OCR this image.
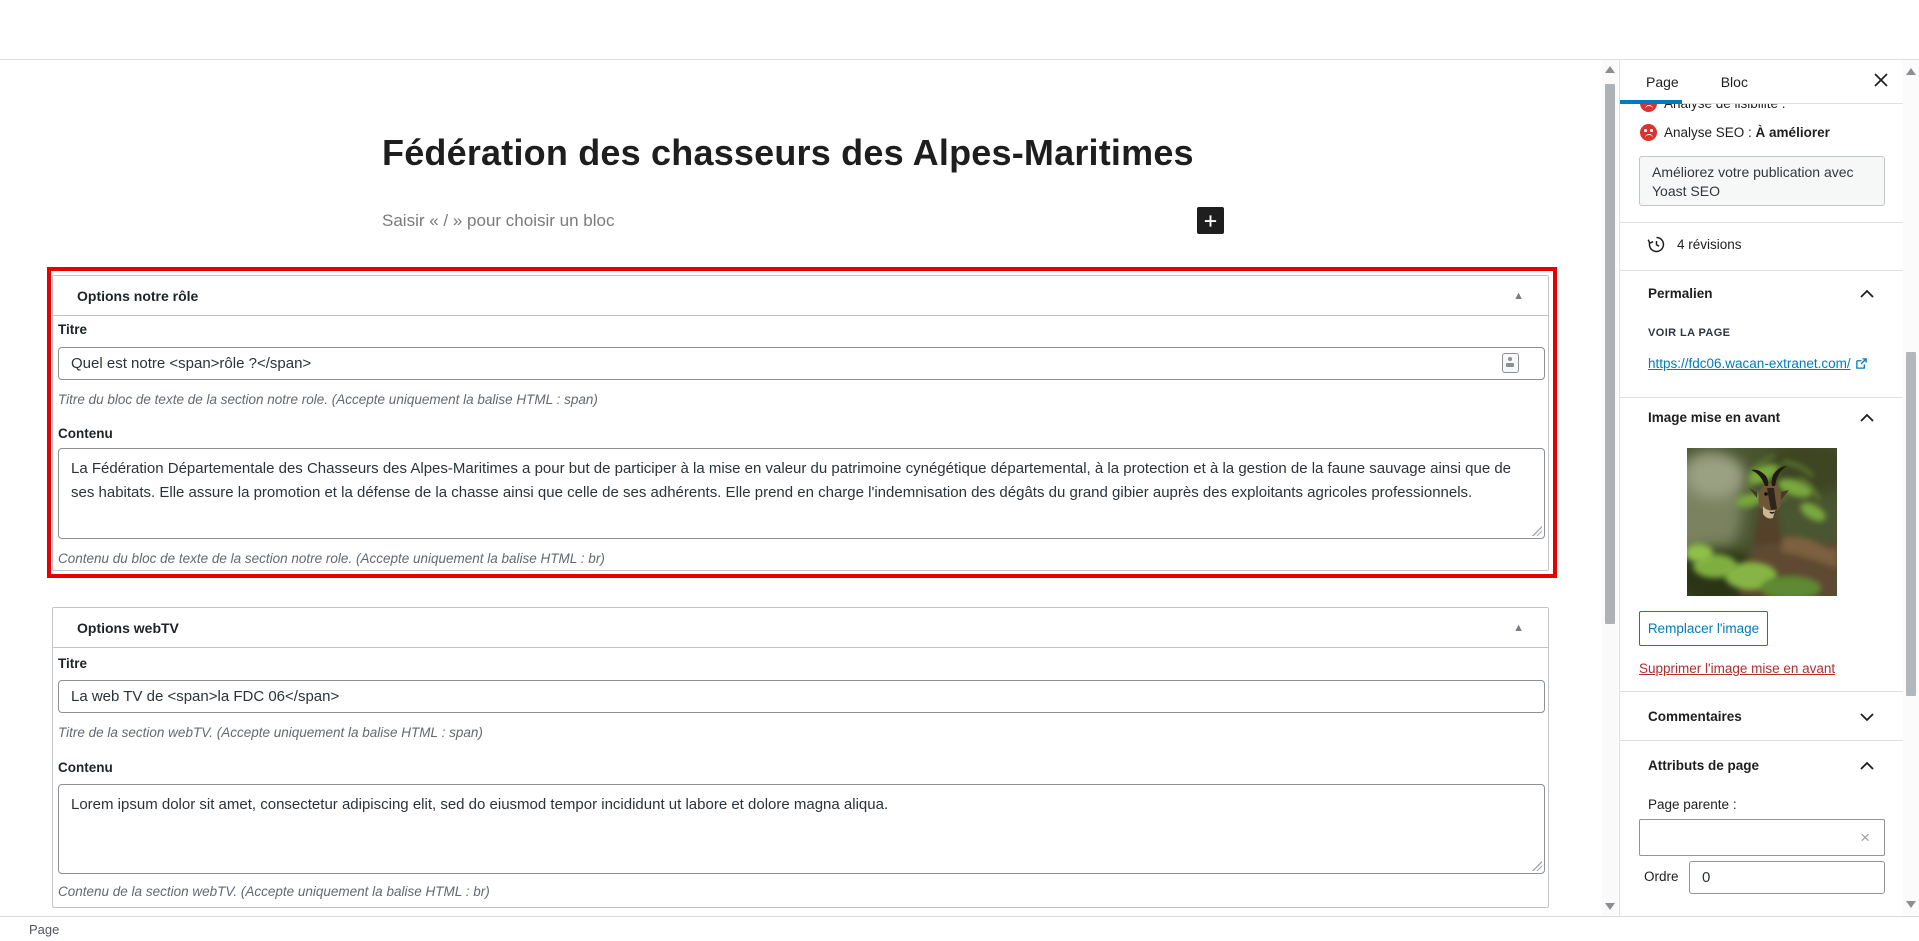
Fédération des chasseurs des Alpes-Maritimes
Saisir « / » pour choisir un bloc
Options notre rôle	▲
Titre
Quel est notre <span>rôle ?</span>
Titre du bloc de texte de la section notre role. (Accepte uniquement la balise HTML : span)
Contenu
La Fédération Départementale des Chasseurs des Alpes-Maritimes a pour but de participer à la mise en valeur du patrimoine cynégétique départemental, à la protection et à la gestion de la faune sauvage ainsi que de ses habitats. Elle assure la promotion et la défense de la chasse ainsi que celle de ses adhérents. Elle prend en charge l'indemnisation des dégâts du grand gibier auprès des exploitants agricoles professionnels.
Contenu du bloc de texte de la section notre role. (Accepte uniquement la balise HTML : br)
Options webTV	▲
Titre
La web TV de <span>la FDC 06</span>
Titre de la section webTV. (Accepte uniquement la balise HTML : span)
Contenu
Lorem ipsum dolor sit amet, consectetur adipiscing elit, sed do eiusmod tempor incididunt ut labore et dolore magna aliqua.
Contenu de la section webTV. (Accepte uniquement la balise HTML : br)
Page	Bloc
Analyse SEO : À améliorer
Améliorez votre publication avec Yoast SEO
4 révisions
Permalien
VOIR LA PAGE
https://fdc06.wacan-extranet.com/
Image mise en avant
Remplacer l'image
Supprimer l'image mise en avant
Commentaires
Attributs de page
Page parente :
×
Ordre
0
Page
